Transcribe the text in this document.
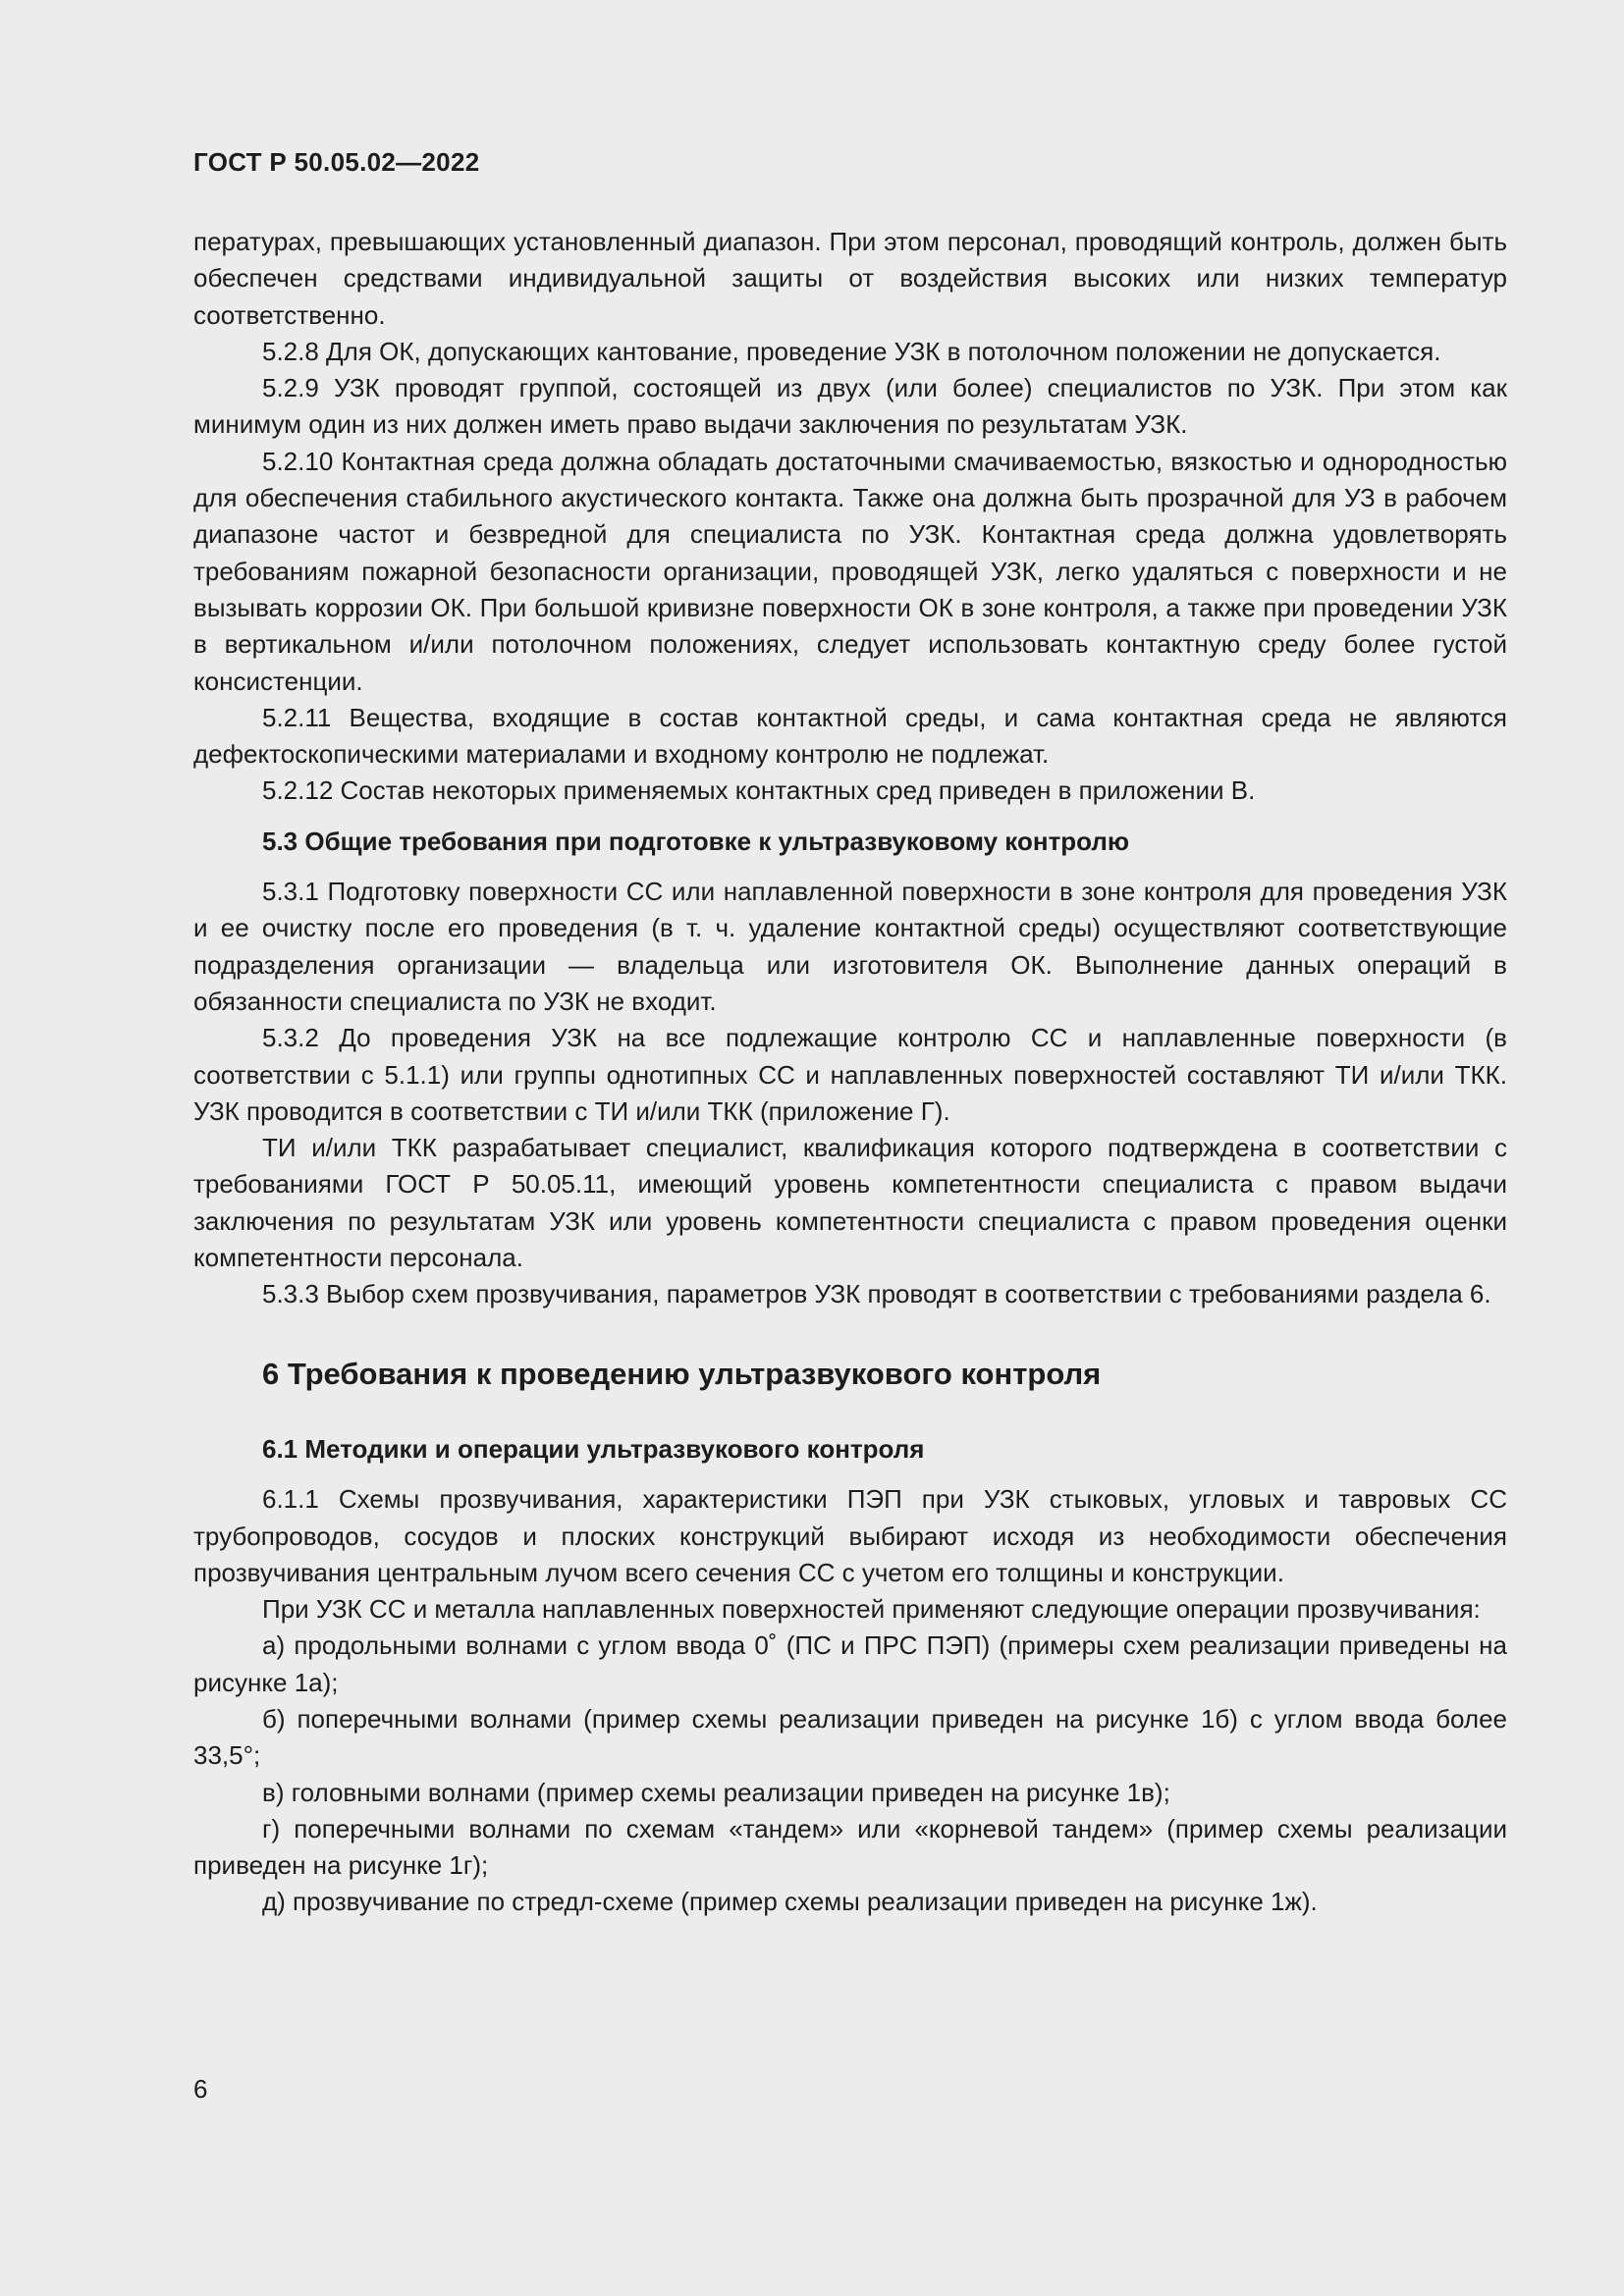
ГОСТ Р 50.05.02—2022

пературах, превышающих установленный диапазон. При этом персонал, проводящий контроль, должен быть обеспечен средствами индивидуальной защиты от воздействия высоких или низких температур соответственно.

5.2.8 Для ОК, допускающих кантование, проведение УЗК в потолочном положении не допускается.

5.2.9 УЗК проводят группой, состоящей из двух (или более) специалистов по УЗК. При этом как минимум один из них должен иметь право выдачи заключения по результатам УЗК.

5.2.10 Контактная среда должна обладать достаточными смачиваемостью, вязкостью и однородностью для обеспечения стабильного акустического контакта. Также она должна быть прозрачной для УЗ в рабочем диапазоне частот и безвредной для специалиста по УЗК. Контактная среда должна удовлетворять требованиям пожарной безопасности организации, проводящей УЗК, легко удаляться с поверхности и не вызывать коррозии ОК. При большой кривизне поверхности ОК в зоне контроля, а также при проведении УЗК в вертикальном и/или потолочном положениях, следует использовать контактную среду более густой консистенции.

5.2.11 Вещества, входящие в состав контактной среды, и сама контактная среда не являются дефектоскопическими материалами и входному контролю не подлежат.

5.2.12 Состав некоторых применяемых контактных сред приведен в приложении В.

5.3 Общие требования при подготовке к ультразвуковому контролю

5.3.1 Подготовку поверхности СС или наплавленной поверхности в зоне контроля для проведения УЗК и ее очистку после его проведения (в т. ч. удаление контактной среды) осуществляют соответствующие подразделения организации — владельца или изготовителя ОК. Выполнение данных операций в обязанности специалиста по УЗК не входит.

5.3.2 До проведения УЗК на все подлежащие контролю СС и наплавленные поверхности (в соответствии с 5.1.1) или группы однотипных СС и наплавленных поверхностей составляют ТИ и/или ТКК. УЗК проводится в соответствии с ТИ и/или ТКК (приложение Г).

ТИ и/или ТКК разрабатывает специалист, квалификация которого подтверждена в соответствии с требованиями ГОСТ Р 50.05.11, имеющий уровень компетентности специалиста с правом выдачи заключения по результатам УЗК или уровень компетентности специалиста с правом проведения оценки компетентности персонала.

5.3.3 Выбор схем прозвучивания, параметров УЗК проводят в соответствии с требованиями раздела 6.

6 Требования к проведению ультразвукового контроля

6.1 Методики и операции ультразвукового контроля

6.1.1 Схемы прозвучивания, характеристики ПЭП при УЗК стыковых, угловых и тавровых СС трубопроводов, сосудов и плоских конструкций выбирают исходя из необходимости обеспечения прозвучивания центральным лучом всего сечения СС с учетом его толщины и конструкции.

При УЗК СС и металла наплавленных поверхностей применяют следующие операции прозвучивания:

а) продольными волнами с углом ввода 0˚ (ПС и ПРС ПЭП) (примеры схем реализации приведены на рисунке 1а);

б) поперечными волнами (пример схемы реализации приведен на рисунке 1б) с углом ввода более 33,5°;

в) головными волнами (пример схемы реализации приведен на рисунке 1в);

г) поперечными волнами по схемам «тандем» или «корневой тандем» (пример схемы реализации приведен на рисунке 1г);

д) прозвучивание по стредл-схеме (пример схемы реализации приведен на рисунке 1ж).

6
